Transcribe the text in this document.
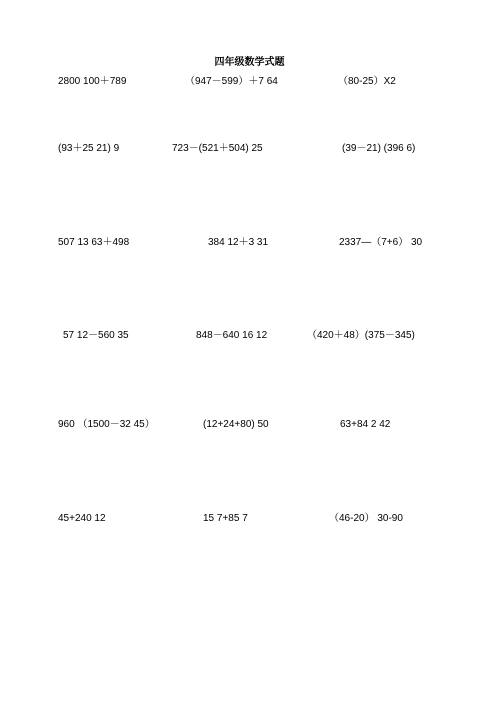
四年级数学式题
2800 100＋789	（947－599）＋7 64	（80-25）X2
(93＋25 21) 9	723－(521＋504) 25	(39－21) (396 6)
507 13 63＋498	384 12＋3 31	2337—（7+6） 30
57 12－560 35	848－640 16 12	（420＋48）(375－345)
960 （1500－32 45）	(12+24+80) 50	63+84 2 42
45+240 12	15 7+85 7	（46-20） 30-90
